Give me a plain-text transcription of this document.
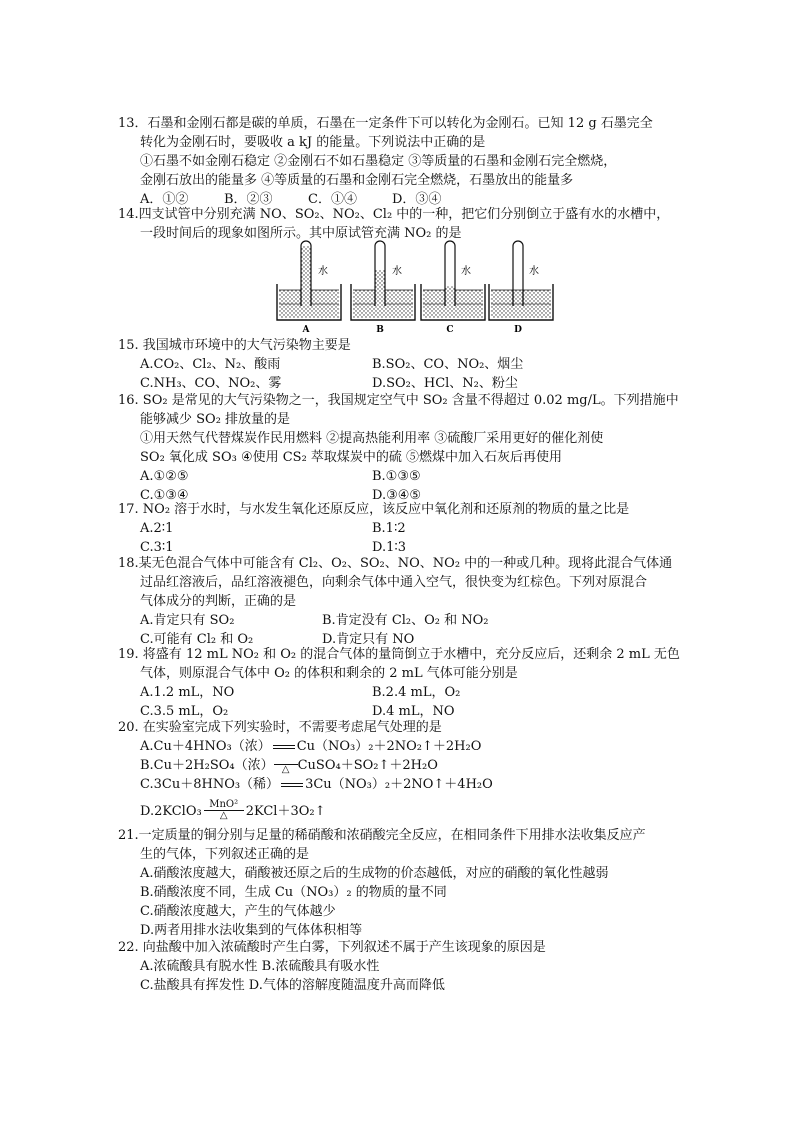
13．石墨和金刚石都是碳的单质，石墨在一定条件下可以转化为金刚石。已知 12 g 石墨完全
转化为金刚石时，要吸收 a kJ 的能量。下列说法中正确的是
①石墨不如金刚石稳定 ②金刚石不如石墨稳定 ③等质量的石墨和金刚石完全燃烧，
金刚石放出的能量多 ④等质量的石墨和金刚石完全燃烧，石墨放出的能量多
A．①②	B．②③	C．①④	D．③④
14.四支试管中分别充满 NO、SO₂、NO₂、Cl₂ 中的一种，把它们分别倒立于盛有水的水槽中，
一段时间后的现象如图所示。其中原试管充满 NO₂ 的是
水
A
水
B
水
C
水
D
15. 我国城市环境中的大气污染物主要是
A.CO₂、Cl₂、N₂、酸雨	B.SO₂、CO、NO₂、烟尘
C.NH₃、CO、NO₂、雾	D.SO₂、HCl、N₂、粉尘
16. SO₂ 是常见的大气污染物之一，我国规定空气中 SO₂ 含量不得超过 0.02 mg/L。下列措施中
能够减少 SO₂ 排放量的是
①用天然气代替煤炭作民用燃料 ②提高热能利用率 ③硫酸厂采用更好的催化剂使
SO₂ 氧化成 SO₃ ④使用 CS₂ 萃取煤炭中的硫 ⑤燃煤中加入石灰后再使用
A.①②⑤	B.①③⑤
C.①③④	D.③④⑤
17. NO₂ 溶于水时，与水发生氧化还原反应，该反应中氧化剂和还原剂的物质的量之比是
A.2∶1	B.1∶2
C.3∶1	D.1∶3
18.某无色混合气体中可能含有 Cl₂、O₂、SO₂、NO、NO₂ 中的一种或几种。现将此混合气体通
过品红溶液后，品红溶液褪色，向剩余气体中通入空气，很快变为红棕色。下列对原混合
气体成分的判断，正确的是
A.肯定只有 SO₂	B.肯定没有 Cl₂、O₂ 和 NO₂
C.可能有 Cl₂ 和 O₂	D.肯定只有 NO
19. 将盛有 12 mL NO₂ 和 O₂ 的混合气体的量筒倒立于水槽中，充分反应后，还剩余 2 mL 无色
气体，则原混合气体中 O₂ 的体积和剩余的 2 mL 气体可能分别是
A.1.2 mL，NO	B.2.4 mL，O₂
C.3.5 mL，O₂	D.4 mL，NO
20. 在实验室完成下列实验时，不需要考虑尾气处理的是
A.Cu＋4HNO₃（浓） Cu（NO₃）₂＋2NO₂↑＋2H₂O
B.Cu＋2H₂SO₄（浓） △ CuSO₄＋SO₂↑＋2H₂O
C.3Cu＋8HNO₃（稀） 3Cu（NO₃）₂＋2NO↑＋4H₂O
D.2KClO₃ MnO²
△	2KCl＋3O₂↑
21.一定质量的铜分别与足量的稀硝酸和浓硝酸完全反应，在相同条件下用排水法收集反应产
生的气体，下列叙述正确的是
A.硝酸浓度越大，硝酸被还原之后的生成物的价态越低，对应的硝酸的氧化性越弱
B.硝酸浓度不同，生成 Cu（NO₃）₂ 的物质的量不同
C.硝酸浓度越大，产生的气体越少
D.两者用排水法收集到的气体体积相等
22. 向盐酸中加入浓硫酸时产生白雾，下列叙述不属于产生该现象的原因是
A.浓硫酸具有脱水性 B.浓硫酸具有吸水性
C.盐酸具有挥发性 D.气体的溶解度随温度升高而降低
